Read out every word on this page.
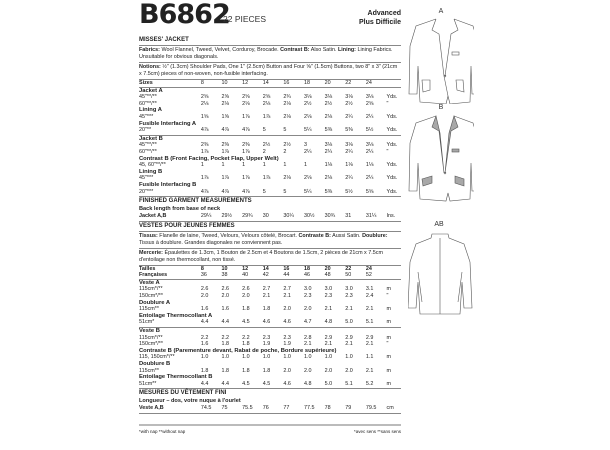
B6862
22 PIECES
Advanced
Plus Difficile
MISSES' JACKET
Fabrics: Wool Flannel, Tweed, Velvet, Corduroy, Brocade. Contrast B: Also Satin. Lining: Lining Fabrics. Unsuitable for obvious diagonals.
Notions: ½" (1.3cm) Shoulder Pads, One 1" (2.5cm) Button and Four ⅝" (1.5cm) Buttons, two 8" x 3" (21cm x 7.5cm) pieces of non-woven, non-fusible interfacing.
Sizes	8	10	12	14	16	18	20	22	24	
Jacket A										
45"**/**	2⅝	2⅝	2⅝	2⅝	2¾	3⅛	3⅛	3⅛	3⅛	Yds.
60"**/**	2⅛	2⅛	2⅛	2⅛	2⅛	2½	2½	2½	2⅝	"
Lining A										
45"***	1⅝	1⅝	1⅞	1⅞	2⅛	2⅛	2⅛	2¼	2¼	Yds.
Fusible Interfacing A										
20"**	4⅞	4⅞	4⅞	5	5	5¼	5⅜	5⅜	5½	Yds.
Jacket B										
45"**/**	2⅜	2⅜	2⅜	2½	2½	3	3⅛	3⅛	3⅛	Yds.
60"**/**	1⅞	1⅞	1⅞	2	2	2¼	2¼	2¼	2¼	"
Contrast B (Front Facing, Pocket Flap, Upper Welt)										
45, 60"**/**	1	1	1	1	1	1	1⅛	1⅛	1⅛	Yds.
Lining B										
45"***	1⅞	1⅞	1⅞	1⅞	2⅛	2⅛	2⅛	2¼	2¼	Yds.
Fusible Interfacing B										
20"***	4⅞	4⅞	4⅞	5	5	5¼	5⅜	5½	5⅝	Yds.
FINISHED GARMENT MEASUREMENTS
Back length from base of neck
Jacket A,B	29¼	29½	29¾	30	30¼	30½	30¾	31	31¼	Ins.
VESTES POUR JEUNES FEMMES
Tissus: Flanelle de laine, Tweed, Velours, Velours côtelé, Brocart. Contraste B: Aussi Satin. Doublure: Tissus à doublure. Grandes diagonales ne conviennent pas.
Mercerie: Épaulettes de 1.3cm, 1 Bouton de 2.5cm et 4 Boutons de 1.5cm, 2 pièces de 21cm x 7.5cm d'entoilage non thermocollant, non tissé.
Tailles	8	10	12	14	16	18	20	22	24	
Françaises	36	38	40	42	44	46	48	50	52	
Veste A										
115cm*/**	2.6	2.6	2.6	2.7	2.7	3.0	3.0	3.0	3.1	m
150cm*/**	2.0	2.0	2.0	2.1	2.1	2.3	2.3	2.3	2.4	"
Doublure A										
115cm**	1.6	1.6	1.8	1.8	2.0	2.0	2.1	2.1	2.1	m
Entoilage Thermocollant A										
51cm*	4.4	4.4	4.5	4.6	4.6	4.7	4.8	5.0	5.1	m
Veste B										
115cm*/**	2.2	2.2	2.2	2.3	2.3	2.8	2.9	2.9	2.9	m
150cm*/**	1.6	1.8	1.8	1.9	1.9	2.1	2.1	2.1	2.1	"
Contraste B (Parementure devant, Rabat de poche, Bordure supérieure)										
115, 150cm*/**	1.0	1.0	1.0	1.0	1.0	1.0	1.0	1.0	1.1	m
Doublure B										
115cm**	1.8	1.8	1.8	1.8	2.0	2.0	2.0	2.0	2.1	m
Entoilage Thermocollant B										
51cm**	4.4	4.4	4.5	4.5	4.6	4.8	5.0	5.1	5.2	m
MESURES DU VÊTEMENT FINI
Longueur – dos, votre nuque à l'ourlet
Veste A,B	74.5	75	75.5	76	77	77.5	78	79	79.5	cm
*with nap **without nap	*avec sens **sans sens
A
B
AB
